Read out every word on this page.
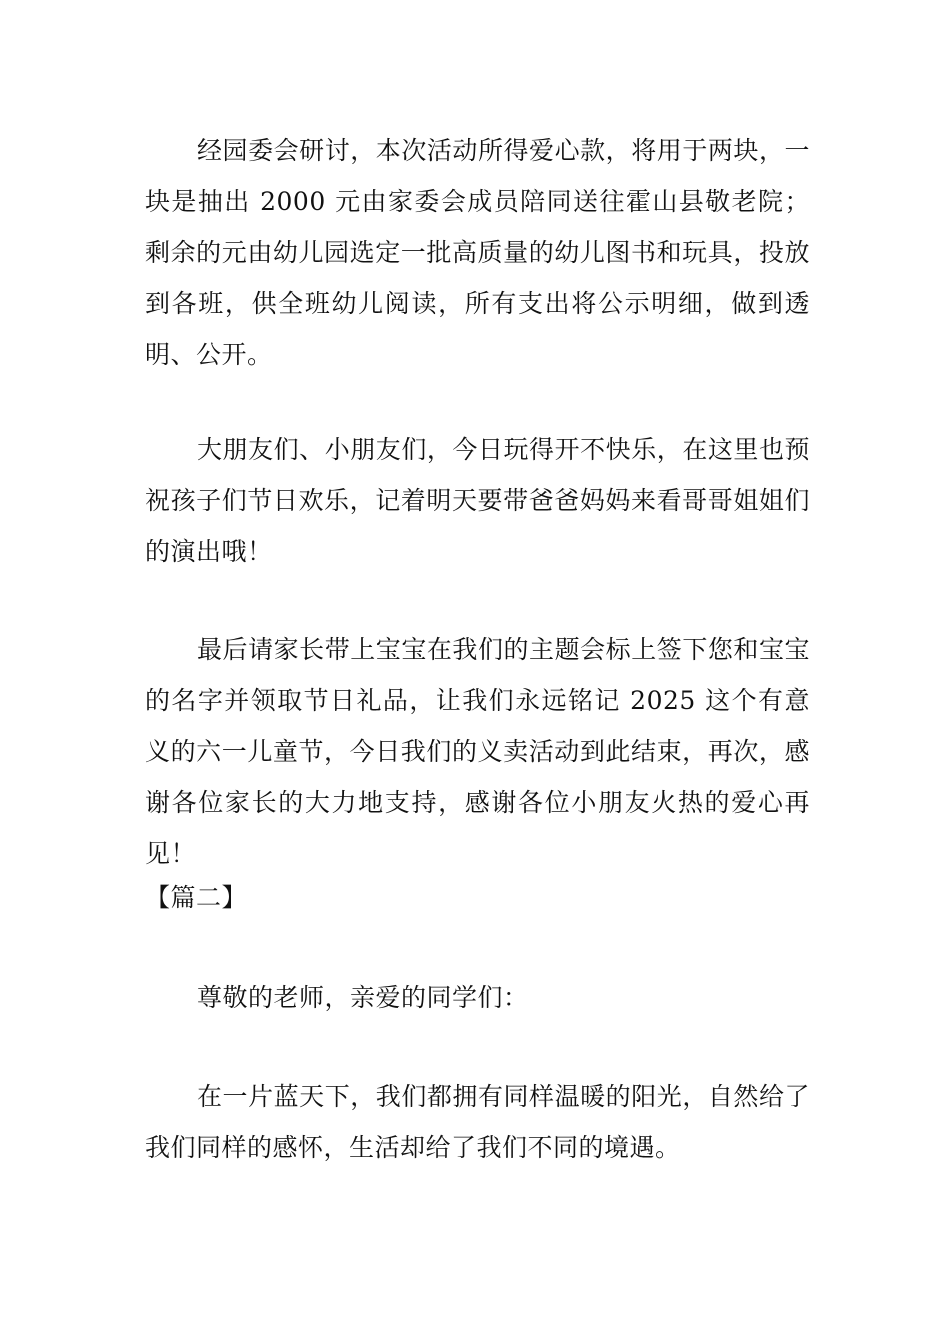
经园委会研讨，本次活动所得爱心款，将用于两块，一块是抽出 2000 元由家委会成员陪同送往霍山县敬老院；剩余的元由幼儿园选定一批高质量的幼儿图书和玩具，投放到各班，供全班幼儿阅读，所有支出将公示明细，做到透明、公开。

大朋友们、小朋友们，今日玩得开不快乐，在这里也预祝孩子们节日欢乐，记着明天要带爸爸妈妈来看哥哥姐姐们的演出哦！

最后请家长带上宝宝在我们的主题会标上签下您和宝宝的名字并领取节日礼品，让我们永远铭记 2025 这个有意义的六一儿童节，今日我们的义卖活动到此结束，再次，感谢各位家长的大力地支持，感谢各位小朋友火热的爱心再见！

【篇二】

尊敬的老师，亲爱的同学们：

在一片蓝天下，我们都拥有同样温暖的阳光，自然给了我们同样的感怀，生活却给了我们不同的境遇。
